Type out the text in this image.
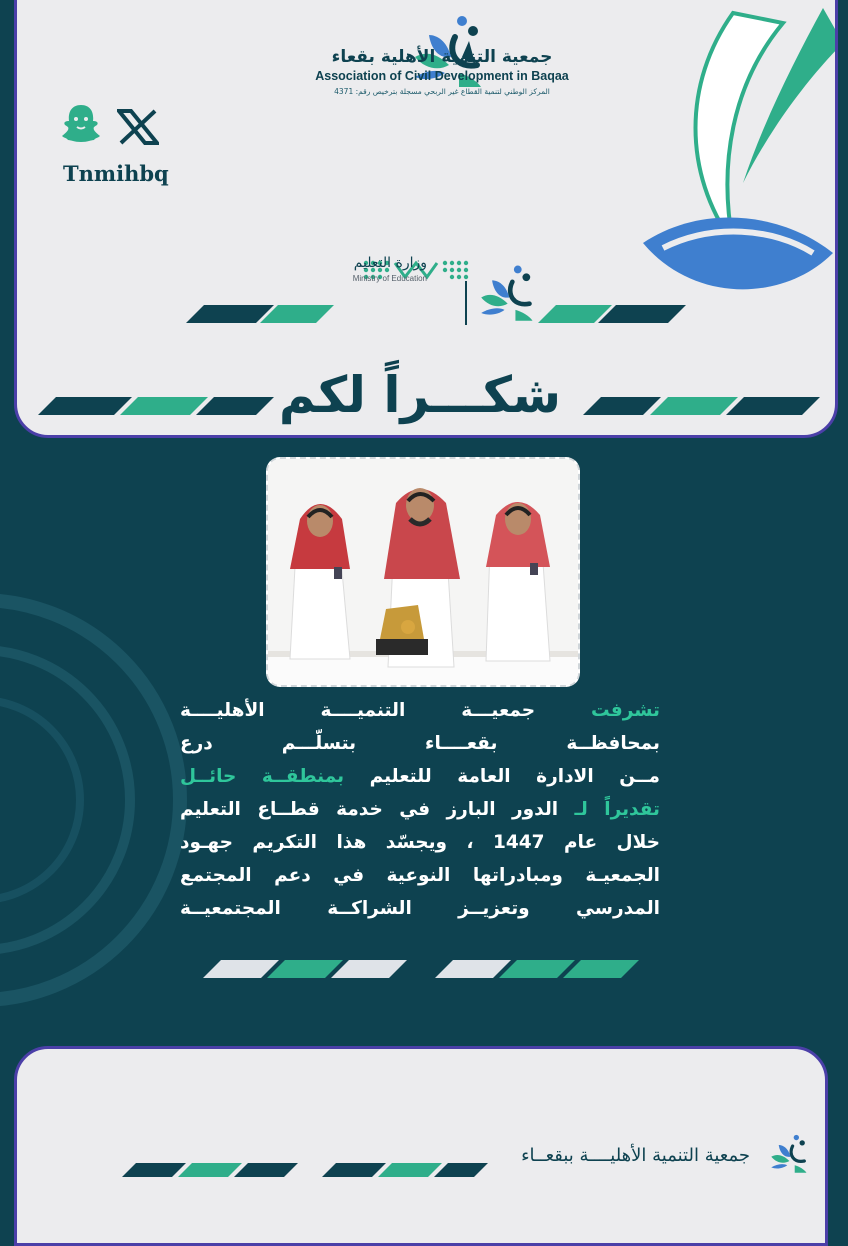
جمعية التنمية الأهلية بقعاء
Association of Civil Development in Baqaa
المركز الوطني لتنمية القطاع غير الربحي مسجلة بترخيص رقم: 4371
Tnmihbq
وزارة التعليم
Ministry of Education
شكـــراً لكم
تشرفت جمعيـــة التنميــــة الأهليــــة
بمحافظــة بقعــــاء بتسلّـــم درع
مــن الادارة العامة للتعليم بمنطقــة حائــل
تقديراً لـ الدور البارز في خدمة قطــاع التعليم
خلال عام 1447 ، ويجسّد هذا التكريم جهـود
الجمعيـة ومبادراتها النوعية في دعم المجتمع
المدرسي وتعزيــز الشراكــة المجتمعيــة
جمعية التنمية الأهليــــة ببقعــاء
